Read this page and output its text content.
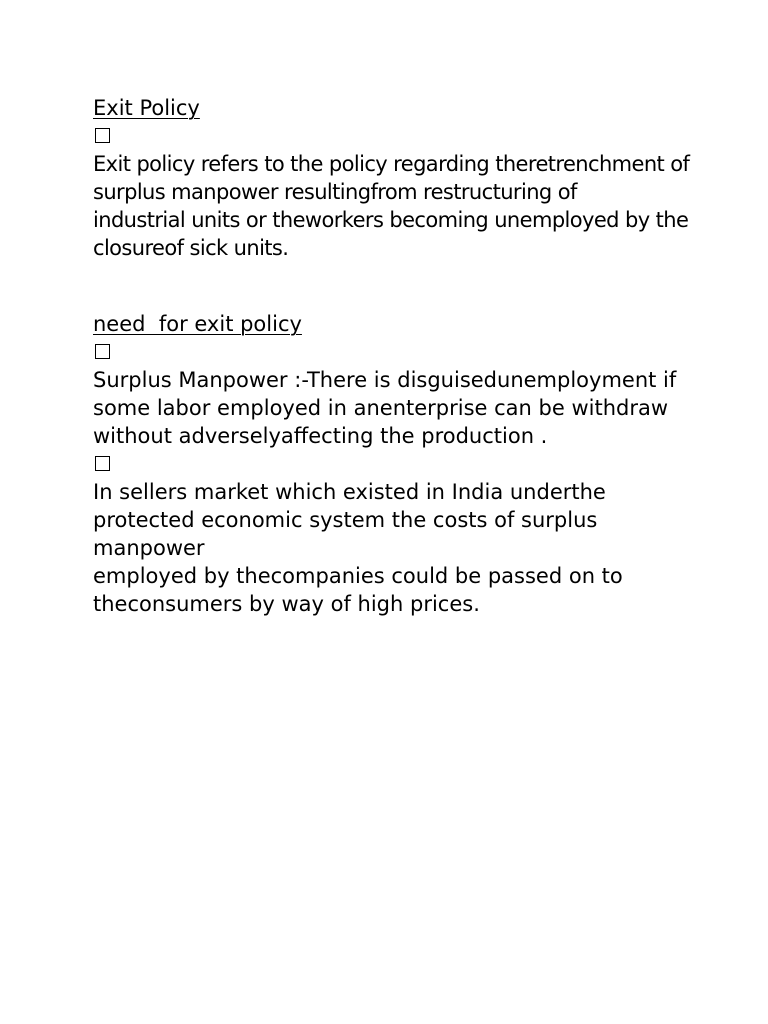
Exit Policy

Exit policy refers to the policy regarding theretrenchment of
surplus manpower resultingfrom restructuring of
industrial units or theworkers becoming unemployed by the
closureof sick units.

need  for exit policy

Surplus Manpower :-There is disguisedunemployment if
some labor employed in anenterprise can be withdraw
without adverselyaffecting the production .

In sellers market which existed in India underthe
protected economic system the costs of surplus manpower
employed by thecompanies could be passed on to
theconsumers by way of high prices.
